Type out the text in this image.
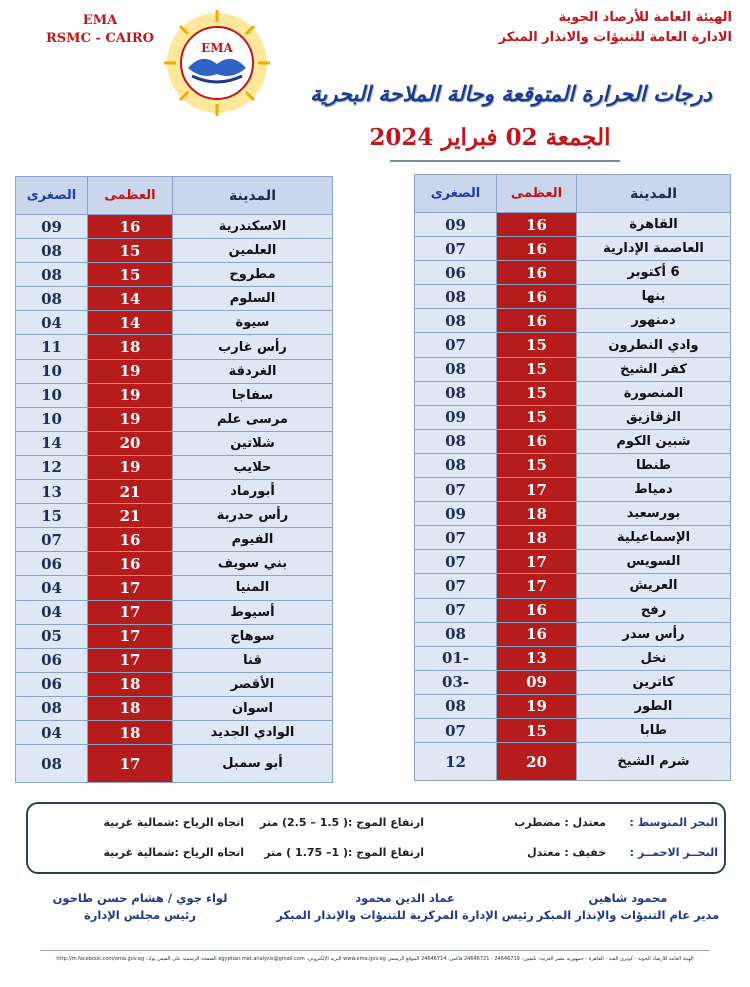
EMA
RSMC - CAIRO
EMA
الهيئة العامة للأرصاد الجوية
الادارة العامة للتنبؤات والانذار المبكر
درجات الحرارة المتوقعة وحالة الملاحة البحرية
الجمعة 02 فبراير 2024
المدينة	العظمى	الصغرى
القاهرة	16	09
العاصمة الإدارية	16	07
6 أكتوبر	16	06
بنها	16	08
دمنهور	16	08
وادي النطرون	15	07
كفر الشيخ	15	08
المنصورة	15	08
الزقازيق	15	09
شبين الكوم	16	08
طنطا	15	08
دمياط	17	07
بورسعيد	18	09
الإسماعيلية	18	07
السويس	17	07
العريش	17	07
رفح	16	07
رأس سدر	16	08
نخل	13	-01
كاترين	09	-03
الطور	19	08
طابا	15	07
شرم الشيخ	20	12
المدينة	العظمى	الصغرى
الاسكندرية	16	09
العلمين	15	08
مطروح	15	08
السلوم	14	08
سيوة	14	04
رأس غارب	18	11
الغردقة	19	10
سفاجا	19	10
مرسى علم	19	10
شلاتين	20	14
حلايب	19	12
أبورماد	21	13
رأس حدربة	21	15
الفيوم	16	07
بني سويف	16	06
المنيا	17	04
أسيوط	17	04
سوهاج	17	05
قنا	17	06
الأقصر	18	06
اسوان	18	08
الوادي الجديد	18	04
أبو سمبل	17	08
البحر المتوسط :
معتدل : مضطرب
ارتفاع الموج :( 1.5 – 2.5) متر
اتجاه الرياح :شمالية غربية
البحــر الاحمــر :
خفيف : معتدل
ارتفاع الموج :( 1– 1.75 ) متر
اتجاه الرياح :شمالية غربية
محمود شاهين
مدير عام التنبؤات والإنذار المبكر
عماد الدين محمود
رئيس الإدارة المركزية للتنبؤات والإنذار المبكر
لواء جوي / هشام حسن طاحون
رئيس مجلس الإدارة
الهيئة العامة للأرصاد الجوية - كوبري القبة - القاهرة - جمهورية مصر العربية- تليفون: 24646719 - 24646721 فاكس: 24646714 الموقع الرسمي www.ema.gov.eg البريد الإلكتروني: egyptian.met.analysis@gmail.com الصفحة الرسمية على الفيس بوك: http://m.facebook.com/ema.gov.eg
